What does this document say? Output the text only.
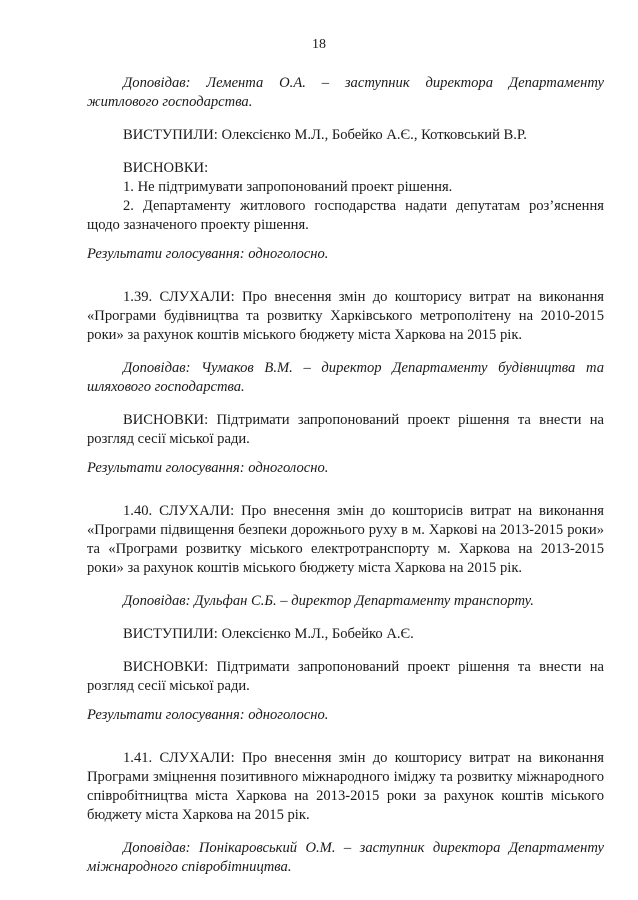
18

Доповідав: Лемента О.А. – заступник директора Департаменту житлового господарства.

ВИСТУПИЛИ: Олексієнко М.Л., Бобейко А.Є., Котковський В.Р.

ВИСНОВКИ:

1. Не підтримувати запропонований проект рішення.

2. Департаменту житлового господарства надати депутатам роз’яснення щодо зазначеного проекту рішення.

Результати голосування: одноголосно.

1.39. СЛУХАЛИ: Про внесення змін до кошторису витрат на виконання «Програми будівництва та розвитку Харківського метрополітену на 2010-2015 роки» за рахунок коштів міського бюджету міста Харкова на 2015 рік.

Доповідав: Чумаков В.М. – директор Департаменту будівництва та шляхового господарства.

ВИСНОВКИ: Підтримати запропонований проект рішення та внести на розгляд сесії міської ради.

Результати голосування: одноголосно.

1.40. СЛУХАЛИ: Про внесення змін до кошторисів витрат на виконання «Програми підвищення безпеки дорожнього руху в м. Харкові на 2013-2015 роки» та «Програми розвитку міського електротранспорту м. Харкова на 2013-2015 роки» за рахунок коштів міського бюджету міста Харкова на 2015 рік.

Доповідав: Дульфан С.Б. – директор Департаменту транспорту.

ВИСТУПИЛИ: Олексієнко М.Л., Бобейко А.Є.

ВИСНОВКИ: Підтримати запропонований проект рішення та внести на розгляд сесії міської ради.

Результати голосування: одноголосно.

1.41. СЛУХАЛИ: Про внесення змін до кошторису витрат на виконання Програми зміцнення позитивного міжнародного іміджу та розвитку міжнародного співробітництва міста Харкова на 2013-2015 роки за рахунок коштів міського бюджету міста Харкова на 2015 рік.

Доповідав: Понікаровський О.М. – заступник директора Департаменту міжнародного співробітництва.
